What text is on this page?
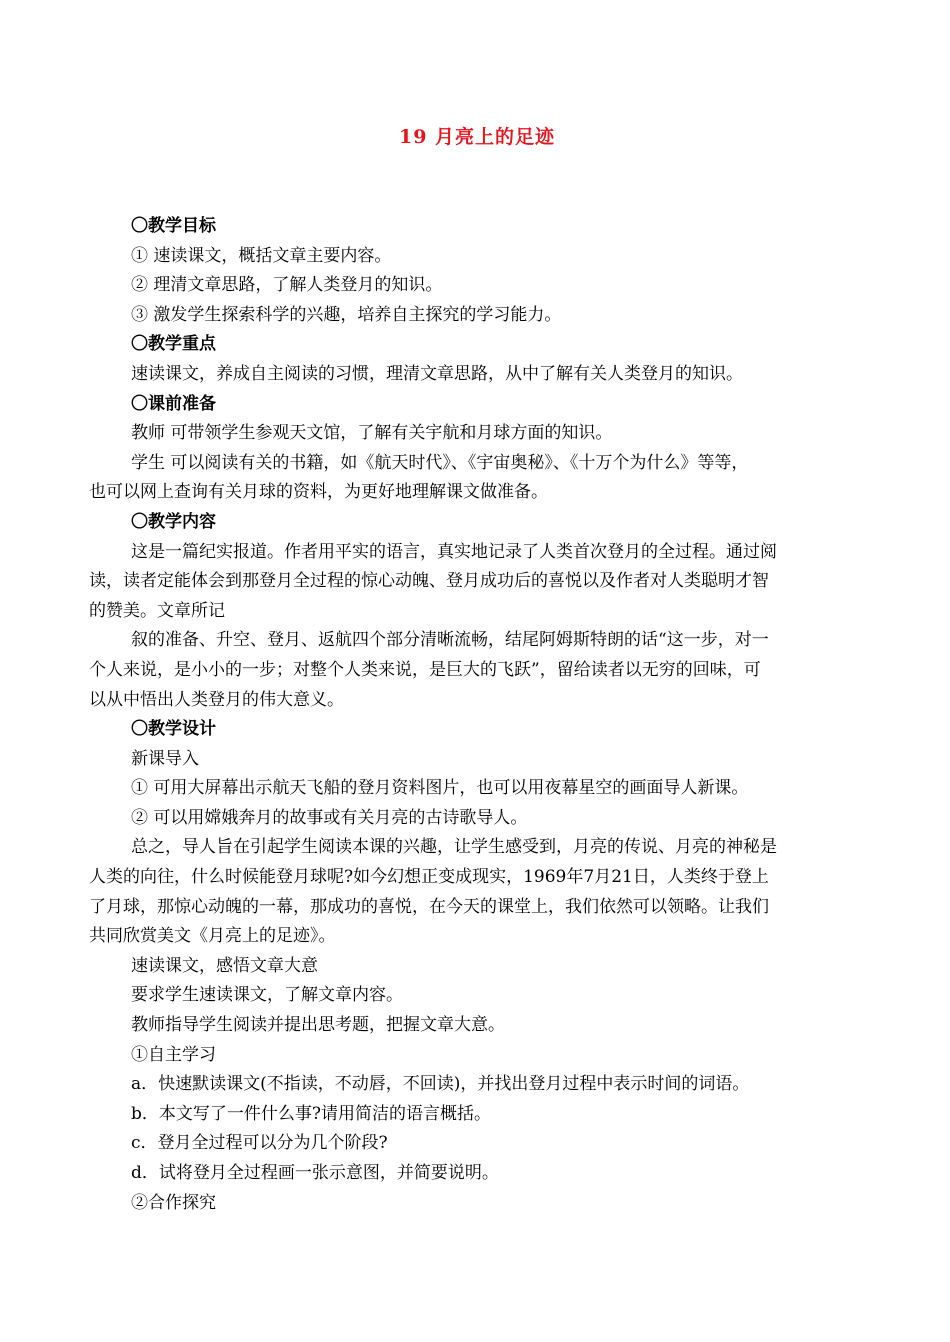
19 月亮上的足迹
〇教学目标
① 速读课文，概括文章主要内容。
② 理清文章思路，了解人类登月的知识。
③ 激发学生探索科学的兴趣，培养自主探究的学习能力。
〇教学重点
速读课文，养成自主阅读的习惯，理清文章思路，从中了解有关人类登月的知识。
〇课前准备
教师 可带领学生参观天文馆，了解有关宇航和月球方面的知识。
学生 可以阅读有关的书籍，如《航天时代》、《宇宙奥秘》、《十万个为什么》等等，
也可以网上查询有关月球的资料，为更好地理解课文做准备。
〇教学内容
这是一篇纪实报道。作者用平实的语言，真实地记录了人类首次登月的全过程。通过阅
读，读者定能体会到那登月全过程的惊心动魄、登月成功后的喜悦以及作者对人类聪明才智
的赞美。文章所记
叙的准备、升空、登月、返航四个部分清晰流畅，结尾阿姆斯特朗的话“这一步，对一
个人来说，是小小的一步；对整个人类来说，是巨大的飞跃”，留给读者以无穷的回味，可
以从中悟出人类登月的伟大意义。
〇教学设计
新课导入
① 可用大屏幕出示航天飞船的登月资料图片，也可以用夜幕星空的画面导人新课。
② 可以用嫦娥奔月的故事或有关月亮的古诗歌导人。
总之，导人旨在引起学生阅读本课的兴趣，让学生感受到，月亮的传说、月亮的神秘是
人类的向往，什么时候能登月球呢?如今幻想正变成现实，1969年7月21日，人类终于登上
了月球，那惊心动魄的一幕，那成功的喜悦，在今天的课堂上，我们依然可以领略。让我们
共同欣赏美文《月亮上的足迹》。
速读课文，感悟文章大意
要求学生速读课文，了解文章内容。
教师指导学生阅读并提出思考题，把握文章大意。
①自主学习
a．快速默读课文(不指读，不动唇，不回读)，并找出登月过程中表示时间的词语。
b．本文写了一件什么事?请用简洁的语言概括。
c．登月全过程可以分为几个阶段?
d．试将登月全过程画一张示意图，并简要说明。
②合作探究
